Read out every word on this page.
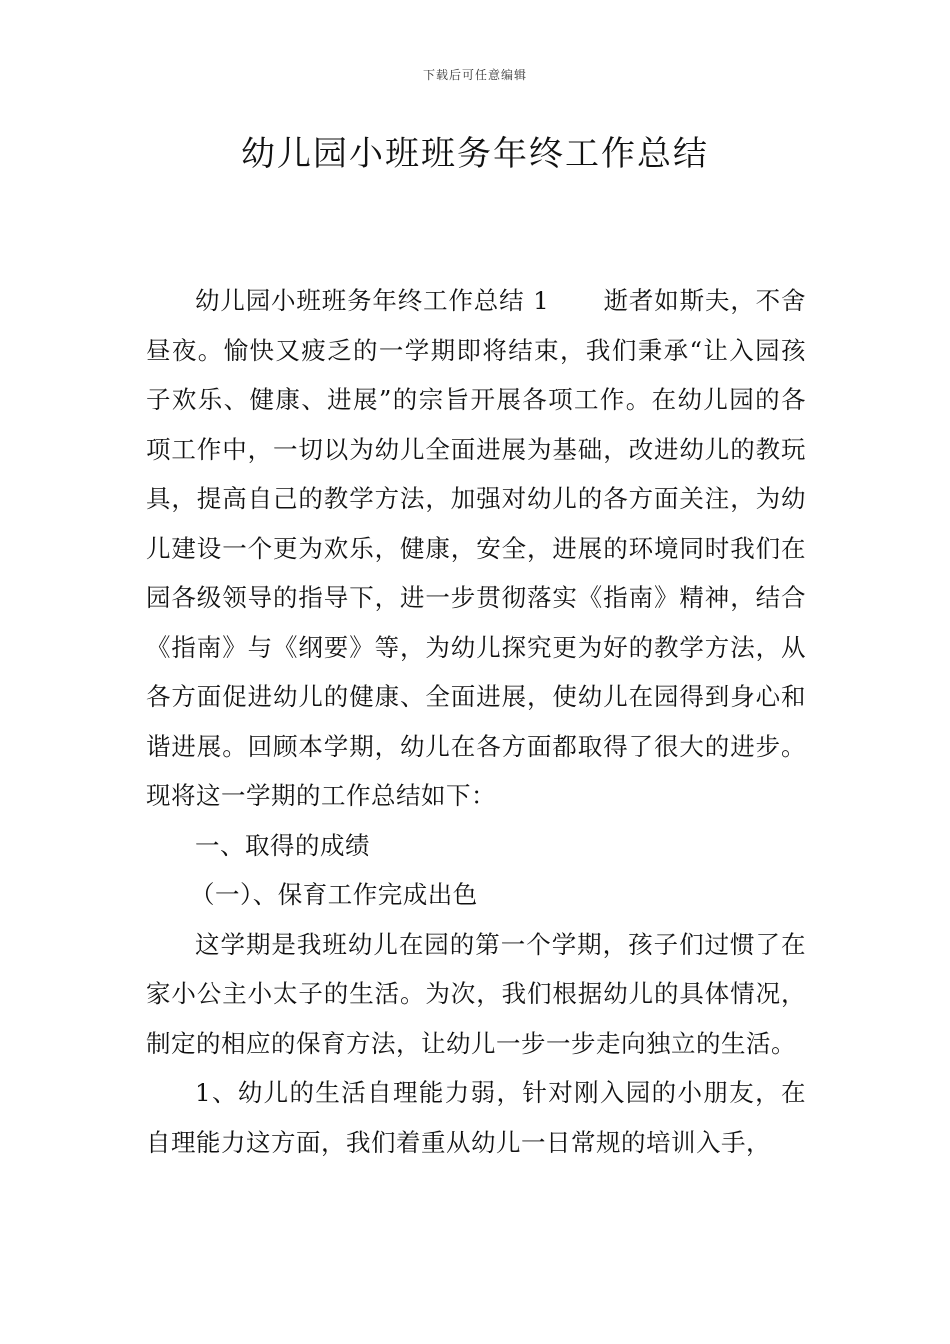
下载后可任意编辑
幼儿园小班班务年终工作总结

幼儿园小班班务年终工作总结 1 逝者如斯夫，不舍昼夜。愉快又疲乏的一学期即将结束，我们秉承“让入园孩子欢乐、健康、进展”的宗旨开展各项工作。在幼儿园的各项工作中，一切以为幼儿全面进展为基础，改进幼儿的教玩具，提高自己的教学方法，加强对幼儿的各方面关注，为幼儿建设一个更为欢乐，健康，安全，进展的环境同时我们在园各级领导的指导下，进一步贯彻落实《指南》精神，结合《指南》与《纲要》等，为幼儿探究更为好的教学方法，从各方面促进幼儿的健康、全面进展，使幼儿在园得到身心和谐进展。回顾本学期，幼儿在各方面都取得了很大的进步。现将这一学期的工作总结如下：

一、取得的成绩

（一）、保育工作完成出色

这学期是我班幼儿在园的第一个学期，孩子们过惯了在家小公主小太子的生活。为次，我们根据幼儿的具体情况，制定的相应的保育方法，让幼儿一步一步走向独立的生活。

1、幼儿的生活自理能力弱，针对刚入园的小朋友，在自理能力这方面，我们着重从幼儿一日常规的培训入手，
